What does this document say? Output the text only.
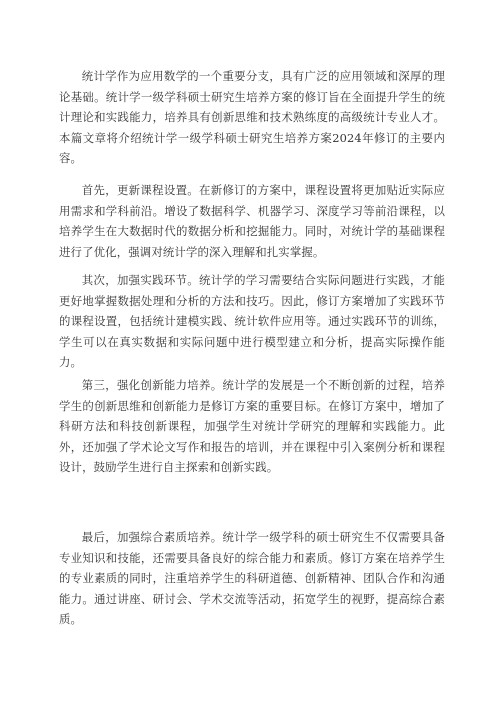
统计学作为应用数学的一个重要分支，具有广泛的应用领域和深厚的理论基础。统计学一级学科硕士研究生培养方案的修订旨在全面提升学生的统计理论和实践能力，培养具有创新思维和技术熟练度的高级统计专业人才。本篇文章将介绍统计学一级学科硕士研究生培养方案2024年修订的主要内容。

首先，更新课程设置。在新修订的方案中，课程设置将更加贴近实际应用需求和学科前沿。增设了数据科学、机器学习、深度学习等前沿课程，以培养学生在大数据时代的数据分析和挖掘能力。同时，对统计学的基础课程进行了优化，强调对统计学的深入理解和扎实掌握。

其次，加强实践环节。统计学的学习需要结合实际问题进行实践，才能更好地掌握数据处理和分析的方法和技巧。因此，修订方案增加了实践环节的课程设置，包括统计建模实践、统计软件应用等。通过实践环节的训练，学生可以在真实数据和实际问题中进行模型建立和分析，提高实际操作能力。

第三，强化创新能力培养。统计学的发展是一个不断创新的过程，培养学生的创新思维和创新能力是修订方案的重要目标。在修订方案中，增加了科研方法和科技创新课程，加强学生对统计学研究的理解和实践能力。此外，还加强了学术论文写作和报告的培训，并在课程中引入案例分析和课程设计，鼓励学生进行自主探索和创新实践。

最后，加强综合素质培养。统计学一级学科的硕士研究生不仅需要具备专业知识和技能，还需要具备良好的综合能力和素质。修订方案在培养学生的专业素质的同时，注重培养学生的科研道德、创新精神、团队合作和沟通能力。通过讲座、研讨会、学术交流等活动，拓宽学生的视野，提高综合素质。
